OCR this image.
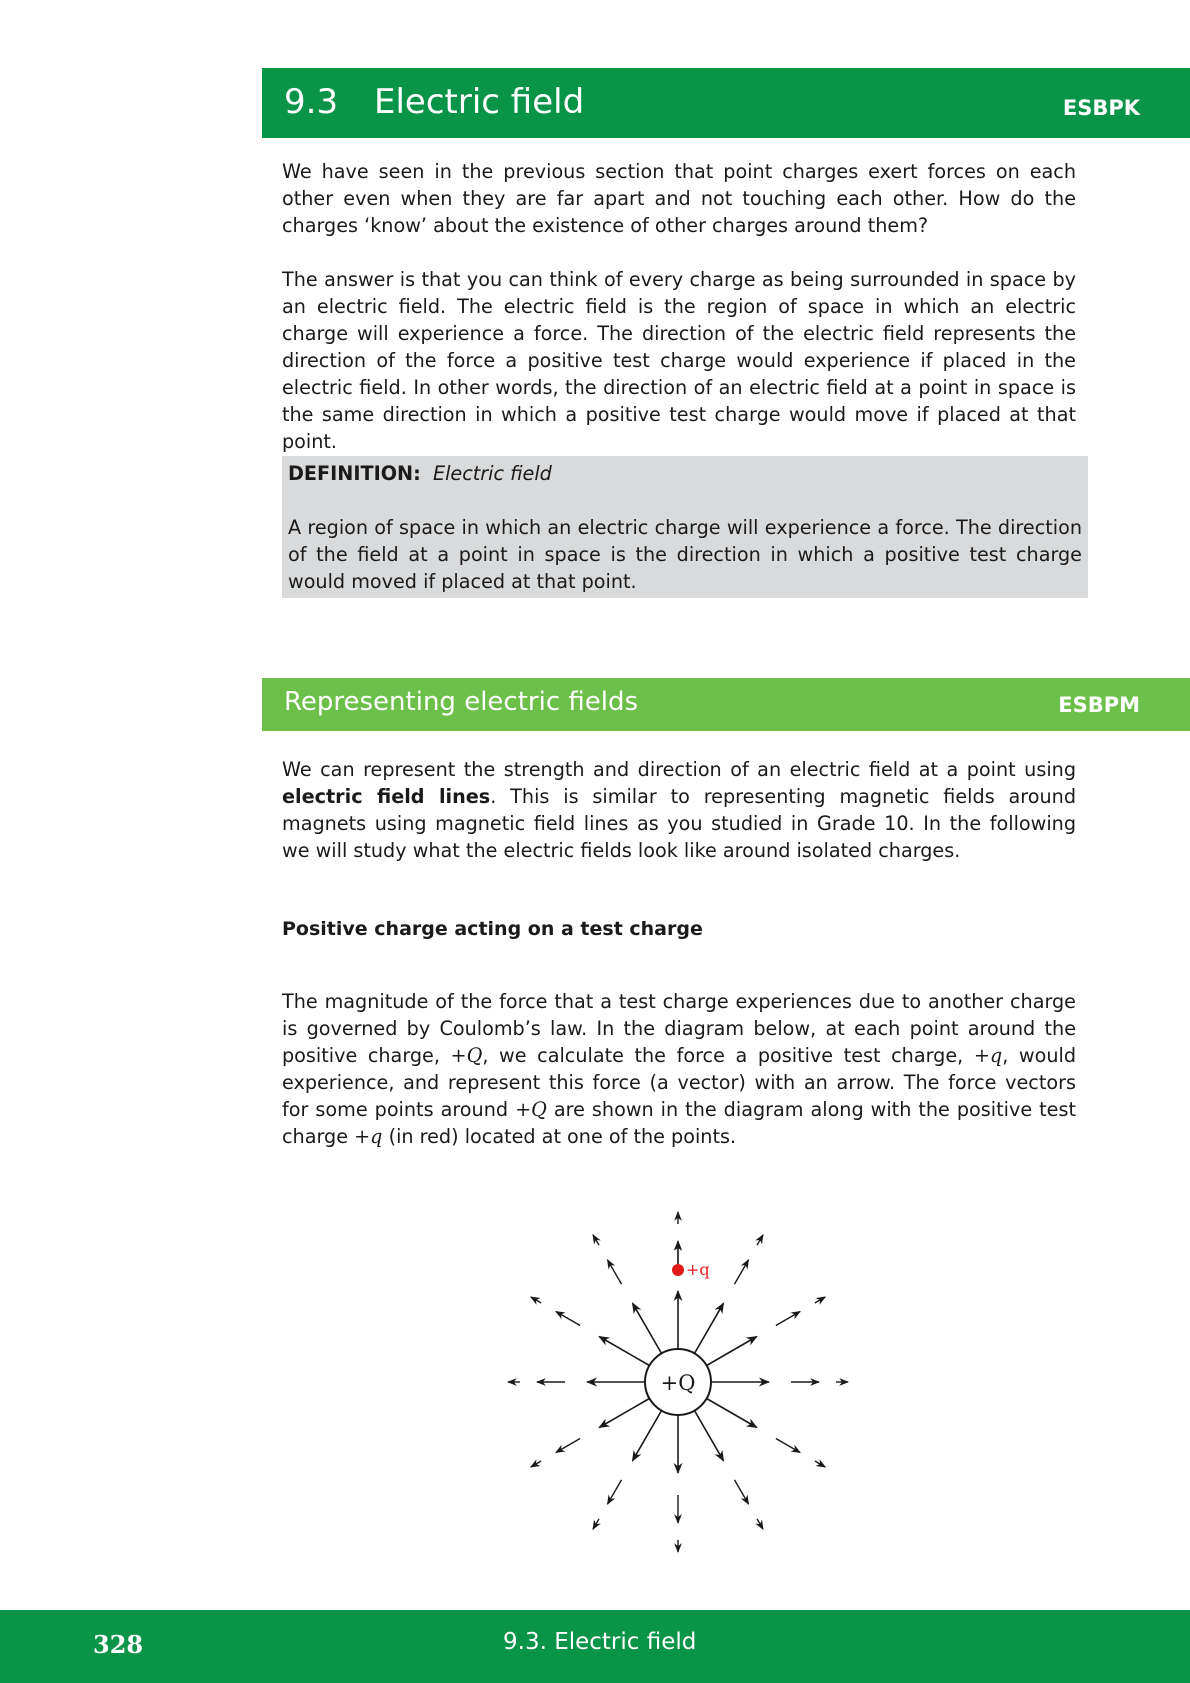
9.3 Electric field	ESBPK

We have seen in the previous section that point charges exert forces on each other even when they are far apart and not touching each other. How do the charges ‘know’ about the existence of other charges around them?

The answer is that you can think of every charge as being surrounded in space by an electric field. The electric field is the region of space in which an electric charge will experience a force. The direction of the electric field represents the direction of the force a positive test charge would experience if placed in the electric field. In other words, the direction of an electric field at a point in space is the same direction in which a positive test charge would move if placed at that point.

DEFINITION: Electric field

A region of space in which an electric charge will experience a force. The direction of the field at a point in space is the direction in which a positive test charge would moved if placed at that point.

Representing electric fields	ESBPM

We can represent the strength and direction of an electric field at a point using electric field lines. This is similar to representing magnetic fields around magnets using magnetic field lines as you studied in Grade 10. In the following we will study what the electric fields look like around isolated charges.

Positive charge acting on a test charge

The magnitude of the force that a test charge experiences due to another charge is governed by Coulomb’s law. In the diagram below, at each point around the positive charge, +Q, we calculate the force a positive test charge, +q, would experience, and represent this force (a vector) with an arrow. The force vectors for some points around +Q are shown in the diagram along with the positive test charge +q (in red) located at one of the points.

+Q
+q
328	9.3. Electric field
